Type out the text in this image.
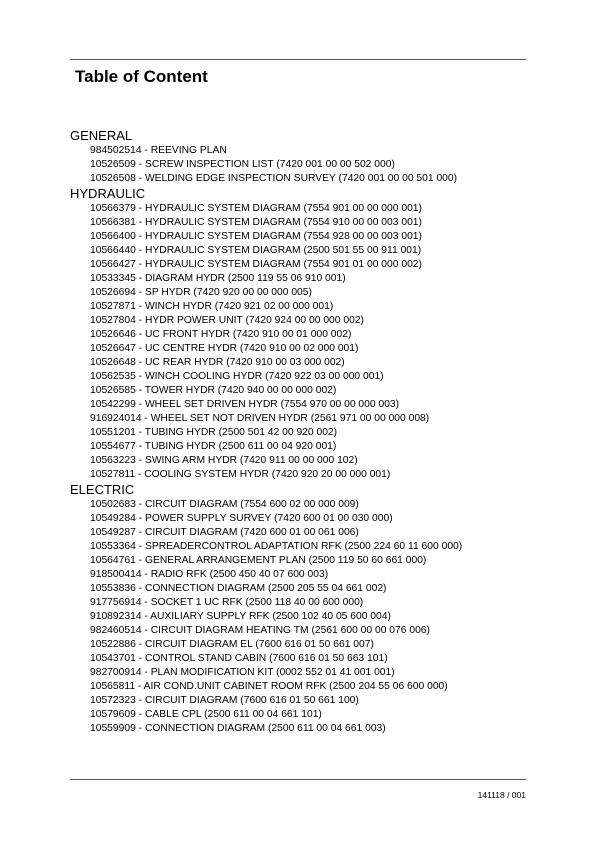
Table of Content
GENERAL
984502514 - REEVING PLAN
10526509 - SCREW INSPECTION LIST (7420 001 00 00 502 000)
10526508 - WELDING EDGE INSPECTION SURVEY (7420 001 00 00 501 000)
HYDRAULIC
10566379 - HYDRAULIC SYSTEM DIAGRAM (7554 901 00 00 000 001)
10566381 - HYDRAULIC SYSTEM DIAGRAM (7554 910 00 00 003 001)
10566400 - HYDRAULIC SYSTEM DIAGRAM (7554 928 00 00 003 001)
10566440 - HYDRAULIC SYSTEM DIAGRAM (2500 501 55 00 911 001)
10566427 - HYDRAULIC SYSTEM DIAGRAM (7554 901 01 00 000 002)
10533345 - DIAGRAM HYDR (2500 119 55 06 910 001)
10526694 - SP HYDR (7420 920 00 00 000 005)
10527871 - WINCH HYDR (7420 921 02 00 000 001)
10527804 - HYDR POWER UNIT (7420 924 00 00 000 002)
10526646 - UC FRONT HYDR (7420 910 00 01 000 002)
10526647 - UC CENTRE HYDR (7420 910 00 02 000 001)
10526648 - UC REAR HYDR (7420 910 00 03 000 002)
10562535 - WINCH COOLING HYDR (7420 922 03 00 000 001)
10526585 - TOWER HYDR (7420 940 00 00 000 002)
10542299 - WHEEL SET DRIVEN HYDR (7554 970 00 00 000 003)
916924014 - WHEEL SET NOT DRIVEN HYDR (2561 971 00 00 000 008)
10551201 - TUBING HYDR (2500 501 42 00 920 002)
10554677 - TUBING HYDR (2500 611 00 04 920 001)
10563223 - SWING ARM HYDR (7420 911 00 00 000 102)
10527811 - COOLING SYSTEM HYDR (7420 920 20 00 000 001)
ELECTRIC
10502683 - CIRCUIT DIAGRAM (7554 600 02 00 000 009)
10549284 - POWER SUPPLY SURVEY (7420 600 01 00 030 000)
10549287 - CIRCUIT DIAGRAM (7420 600 01 00 061 006)
10553364 - SPREADERCONTROL ADAPTATION RFK (2500 224 60 11 600 000)
10564761 - GENERAL ARRANGEMENT PLAN (2500 119 50 60 661 000)
918500414 - RADIO RFK (2500 450 40 07 600 003)
10553836 - CONNECTION DIAGRAM (2500 205 55 04 661 002)
917756914 - SOCKET 1 UC RFK (2500 118 40 00 600 000)
910892314 - AUXILIARY SUPPLY RFK (2500 102 40 05 600 004)
982460514 - CIRCUIT DIAGRAM HEATING TM (2561 600 00 00 076 006)
10522886 - CIRCUIT DIAGRAM EL (7600 616 01 50 661 007)
10543701 - CONTROL STAND CABIN (7600 616 01 50 663 101)
982700914 - PLAN MODIFICATION KIT (0002 552 01 41 001 001)
10565811 - AIR COND.UNIT CABINET ROOM RFK (2500 204 55 06 600 000)
10572323 - CIRCUIT DIAGRAM (7600 616 01 50 661 100)
10579609 - CABLE CPL (2500 611 00 04 661 101)
10559909 - CONNECTION DIAGRAM (2500 611 00 04 661 003)
141118 / 001
